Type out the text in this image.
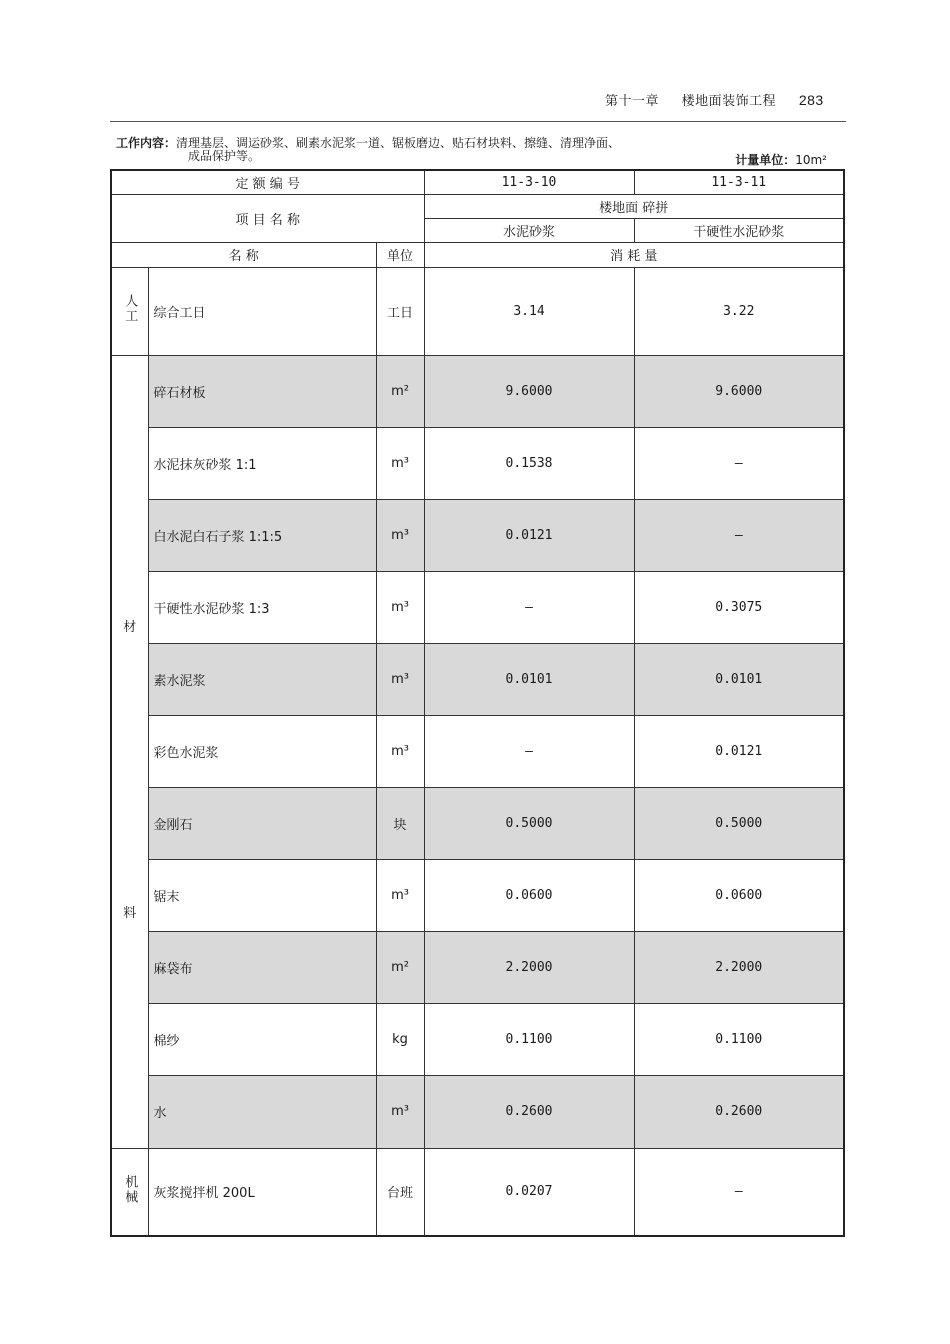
第十一章 楼地面装饰工程 283
工作内容：清理基层、调运砂浆、刷素水泥浆一道、锯板磨边、贴石材块料、擦缝、清理净面、
成品保护等。	计量单位：10m²
定 额 编 号			11-3-10	11-3-11
项 目 名 称			楼地面 碎拼	
			水泥砂浆	干硬性水泥砂浆
名 称		单位	消 耗 量	
人工	综合工日	工日	3.14	3.22

材
料	碎石材板	m²	9.6000	9.6000
	水泥抹灰砂浆 1:1	m³	0.1538	—
	白水泥白石子浆 1:1:5	m³	0.0121	—
	干硬性水泥砂浆 1:3	m³	—	0.3075
	素水泥浆	m³	0.0101	0.0101
	彩色水泥浆	m³	—	0.0121
	金刚石	块	0.5000	0.5000
	锯末	m³	0.0600	0.0600
	麻袋布	m²	2.2000	2.2000
	棉纱	kg	0.1100	0.1100
	水	m³	0.2600	0.2600
机械	灰浆搅拌机 200L	台班	0.0207	—
